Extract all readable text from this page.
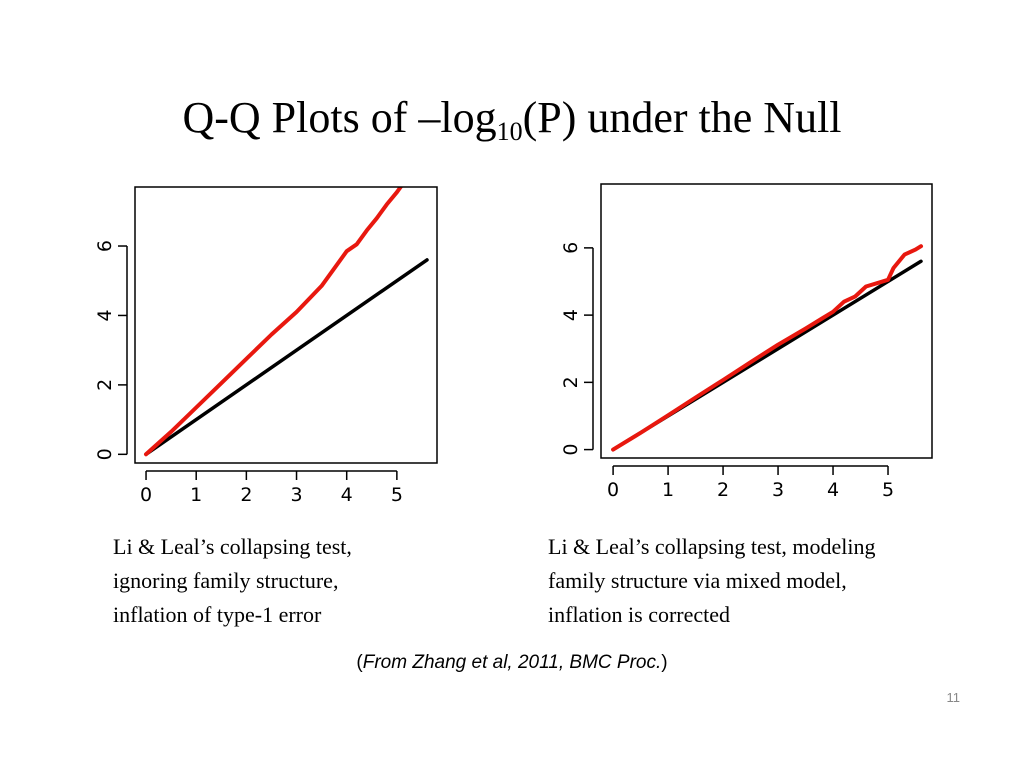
Q-Q Plots of $-\log_{10}(P)$ under the Null
0 1 2 3 4 5
0
2
4
6
0 1 2 3 4 5
0
2
4
6
Li & Leal’s collapsing test,
ignoring family structure,
inflation of type-1 error
Li & Leal’s collapsing test, modeling
family structure via mixed model,
inflation is corrected
(From Zhang et al, 2011, BMC Proc.)
11
